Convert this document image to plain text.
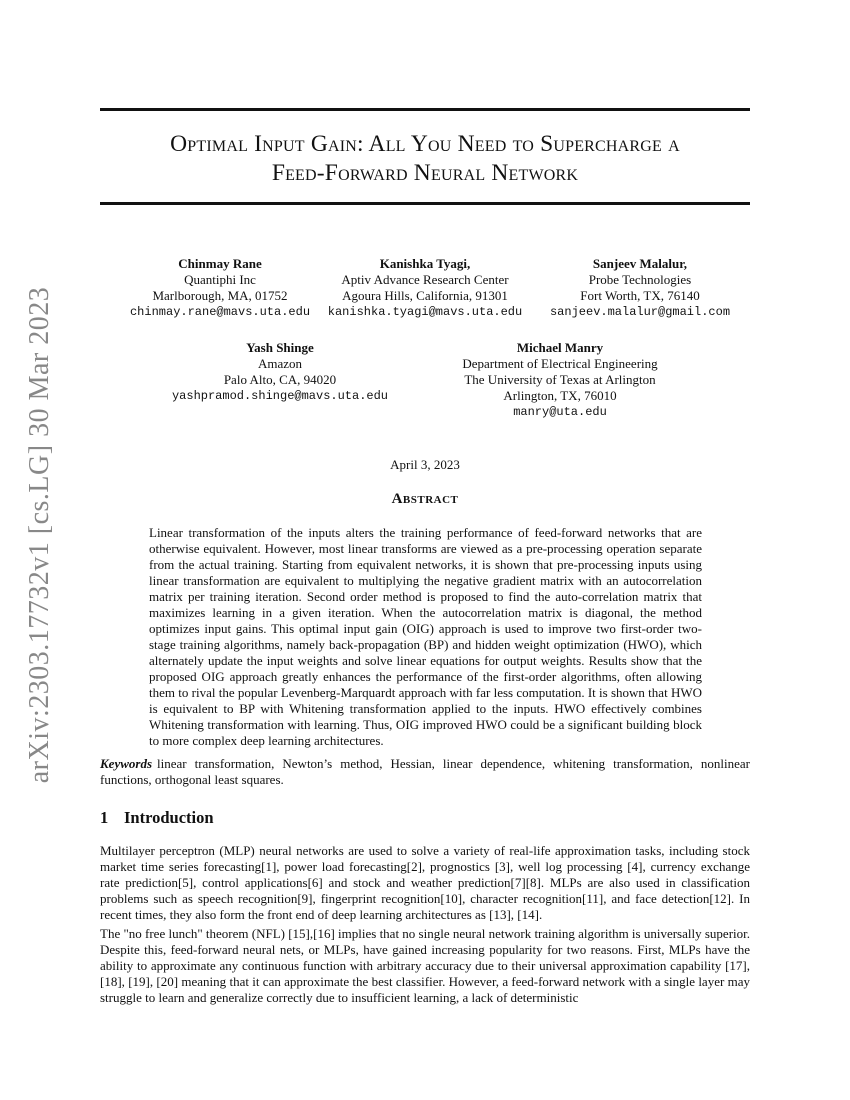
arXiv:2303.17732v1 [cs.LG] 30 Mar 2023
Optimal Input Gain: All You Need to Supercharge a
Feed-Forward Neural Network
Chinmay Rane
Quantiphi Inc
Marlborough, MA, 01752
chinmay.rane@mavs.uta.edu
Kanishka Tyagi,
Aptiv Advance Research Center
Agoura Hills, California, 91301
kanishka.tyagi@mavs.uta.edu
Sanjeev Malalur,
Probe Technologies
Fort Worth, TX, 76140
sanjeev.malalur@gmail.com
Yash Shinge
Amazon
Palo Alto, CA, 94020
yashpramod.shinge@mavs.uta.edu
Michael Manry
Department of Electrical Engineering
The University of Texas at Arlington
Arlington, TX, 76010
manry@uta.edu
April 3, 2023
Abstract

Linear transformation of the inputs alters the training performance of feed-forward networks that are otherwise equivalent. However, most linear transforms are viewed as a pre-processing operation separate from the actual training. Starting from equivalent networks, it is shown that pre-processing inputs using linear transformation are equivalent to multiplying the negative gradient matrix with an autocorrelation matrix per training iteration. Second order method is proposed to find the auto-correlation matrix that maximizes learning in a given iteration. When the autocorrelation matrix is diagonal, the method optimizes input gains. This optimal input gain (OIG) approach is used to improve two first-order two-stage training algorithms, namely back-propagation (BP) and hidden weight optimization (HWO), which alternately update the input weights and solve linear equations for output weights. Results show that the proposed OIG approach greatly enhances the performance of the first-order algorithms, often allowing them to rival the popular Levenberg-Marquardt approach with far less computation. It is shown that HWO is equivalent to BP with Whitening transformation applied to the inputs. HWO effectively combines Whitening transformation with learning. Thus, OIG improved HWO could be a significant building block to more complex deep learning architectures.

Keywords linear transformation, Newton’s method, Hessian, linear dependence, whitening transformation, nonlinear functions, orthogonal least squares.

1 Introduction

Multilayer perceptron (MLP) neural networks are used to solve a variety of real-life approximation tasks, including stock market time series forecasting[1], power load forecasting[2], prognostics [3], well log processing [4], currency exchange rate prediction[5], control applications[6] and stock and weather prediction[7][8]. MLPs are also used in classification problems such as speech recognition[9], fingerprint recognition[10], character recognition[11], and face detection[12]. In recent times, they also form the front end of deep learning architectures as [13], [14].

The "no free lunch" theorem (NFL) [15],[16] implies that no single neural network training algorithm is universally superior. Despite this, feed-forward neural nets, or MLPs, have gained increasing popularity for two reasons. First, MLPs have the ability to approximate any continuous function with arbitrary accuracy due to their universal approximation capability [17], [18], [19], [20] meaning that it can approximate the best classifier. However, a feed-forward network with a single layer may struggle to learn and generalize correctly due to insufficient learning, a lack of deterministic
